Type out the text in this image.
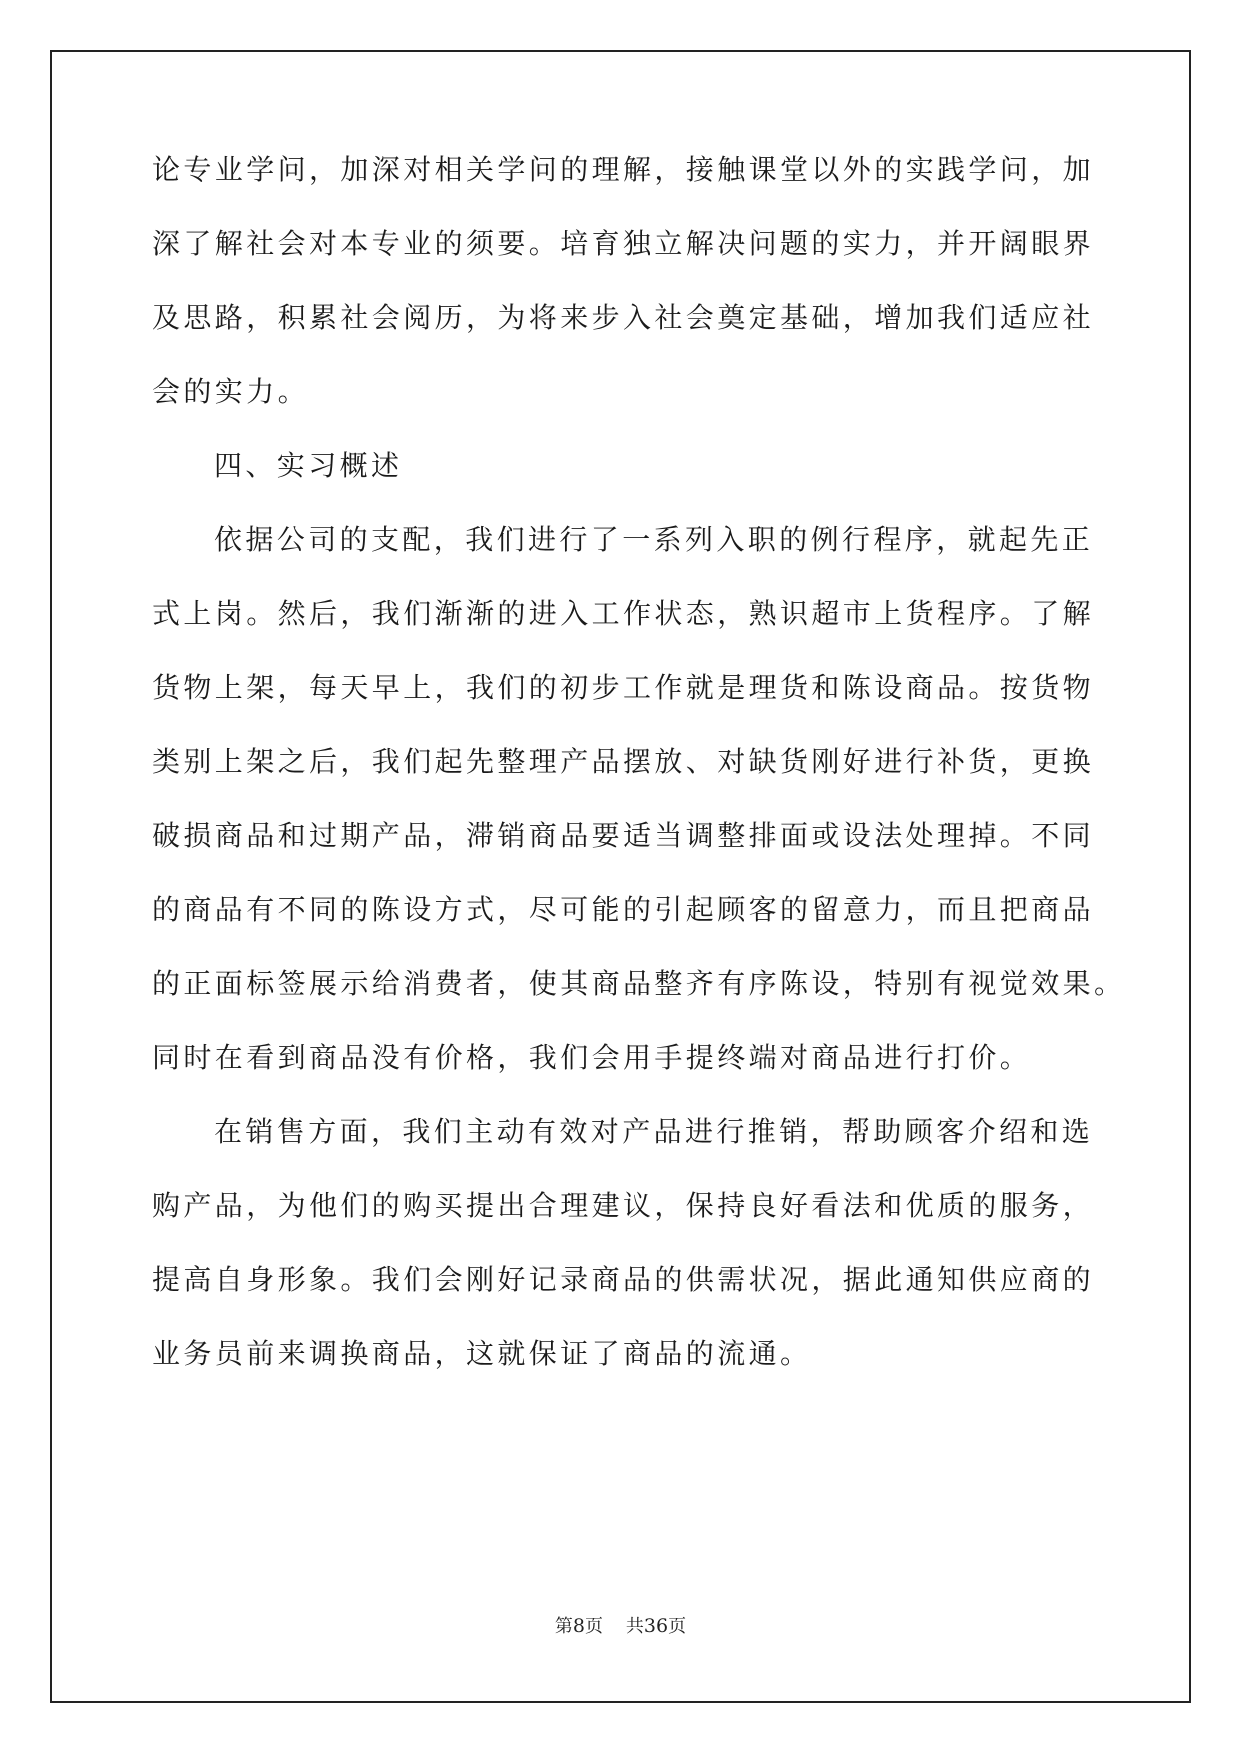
论专业学问，加深对相关学问的理解，接触课堂以外的实践学问，加
深了解社会对本专业的须要。培育独立解决问题的实力，并开阔眼界
及思路，积累社会阅历，为将来步入社会奠定基础，增加我们适应社
会的实力。
四、实习概述
依据公司的支配，我们进行了一系列入职的例行程序，就起先正
式上岗。然后，我们渐渐的进入工作状态，熟识超市上货程序。了解
货物上架，每天早上，我们的初步工作就是理货和陈设商品。按货物
类别上架之后，我们起先整理产品摆放、对缺货刚好进行补货，更换
破损商品和过期产品，滞销商品要适当调整排面或设法处理掉。不同
的商品有不同的陈设方式，尽可能的引起顾客的留意力，而且把商品
的正面标签展示给消费者，使其商品整齐有序陈设，特别有视觉效果。
同时在看到商品没有价格，我们会用手提终端对商品进行打价。
在销售方面，我们主动有效对产品进行推销，帮助顾客介绍和选
购产品，为他们的购买提出合理建议，保持良好看法和优质的服务，
提高自身形象。我们会刚好记录商品的供需状况，据此通知供应商的
业务员前来调换商品，这就保证了商品的流通。
第8页 共36页
